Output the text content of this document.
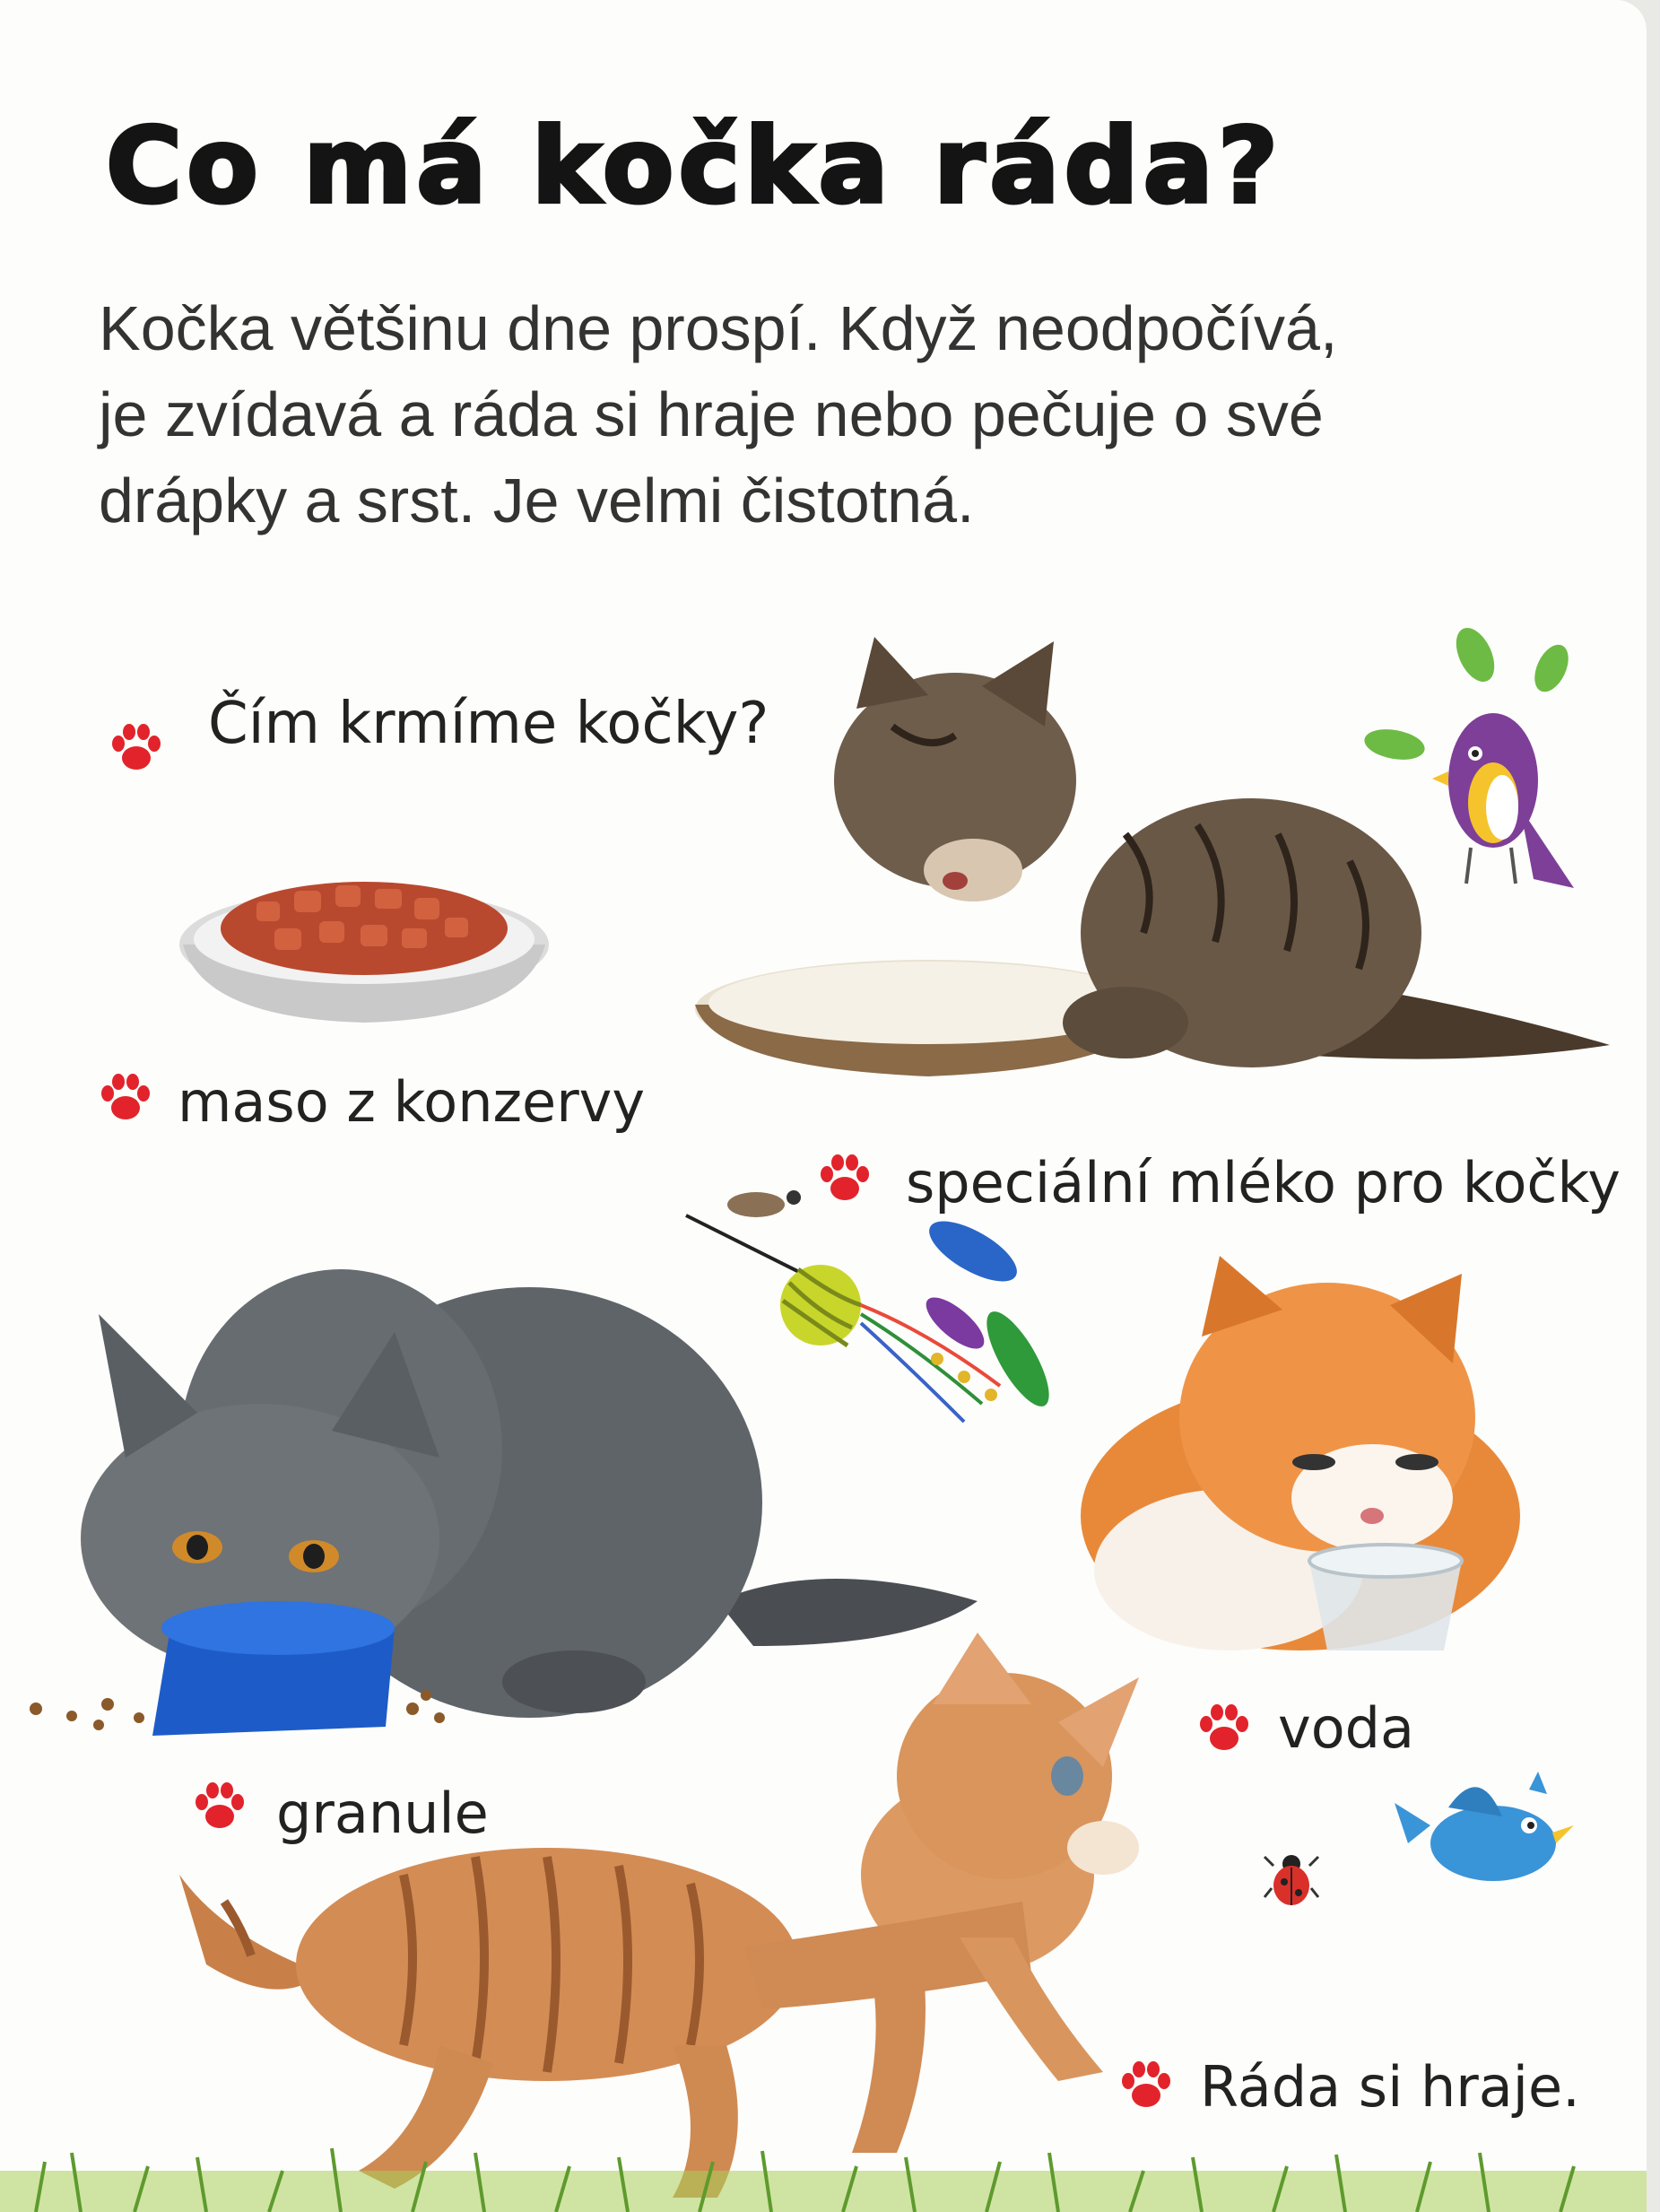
Co má kočka ráda?

Kočka většinu dne prospí. Když neodpočívá,
je zvídavá a ráda si hraje nebo pečuje o své
drápky a srst. Je velmi čistotná.

Čím krmíme kočky?
maso z konzervy
speciální mléko pro kočky
voda
granule
Ráda si hraje.
